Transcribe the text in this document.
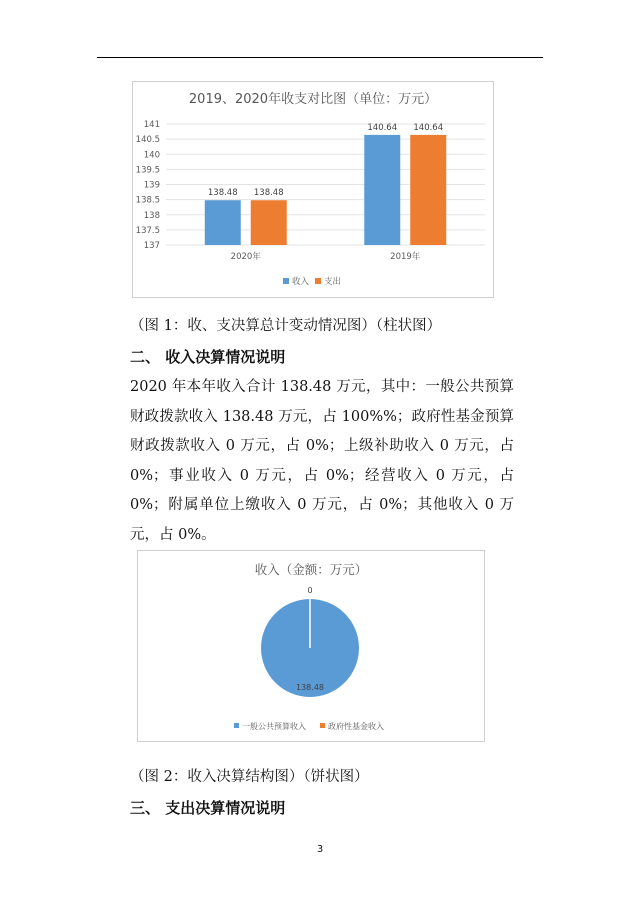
2019、2020年收支对比图（单位：万元）
137
137.5
138
138.5
139
139.5
140
140.5
141
2020年
138.48 138.48
2019年
140.64 140.64
收入 支出
（图 1：收、支决算总计变动情况图）（柱状图）
二、 收入决算情况说明
2020 年本年收入合计 138.48 万元，其中：一般公共预算财政拨款收入 138.48 万元，占 100%%；政府性基金预算财政拨款收入 0 万元，占 0%；上级补助收入 0 万元，占 0%；事业收入 0 万元，占 0%；经营收入 0 万元，占 0%；附属单位上缴收入 0 万元，占 0%；其他收入 0 万元，占 0%。
收入（金额：万元）
0
138.48
一般公共预算收入	政府性基金收入
（图 2：收入决算结构图）（饼状图）
三、 支出决算情况说明
3
